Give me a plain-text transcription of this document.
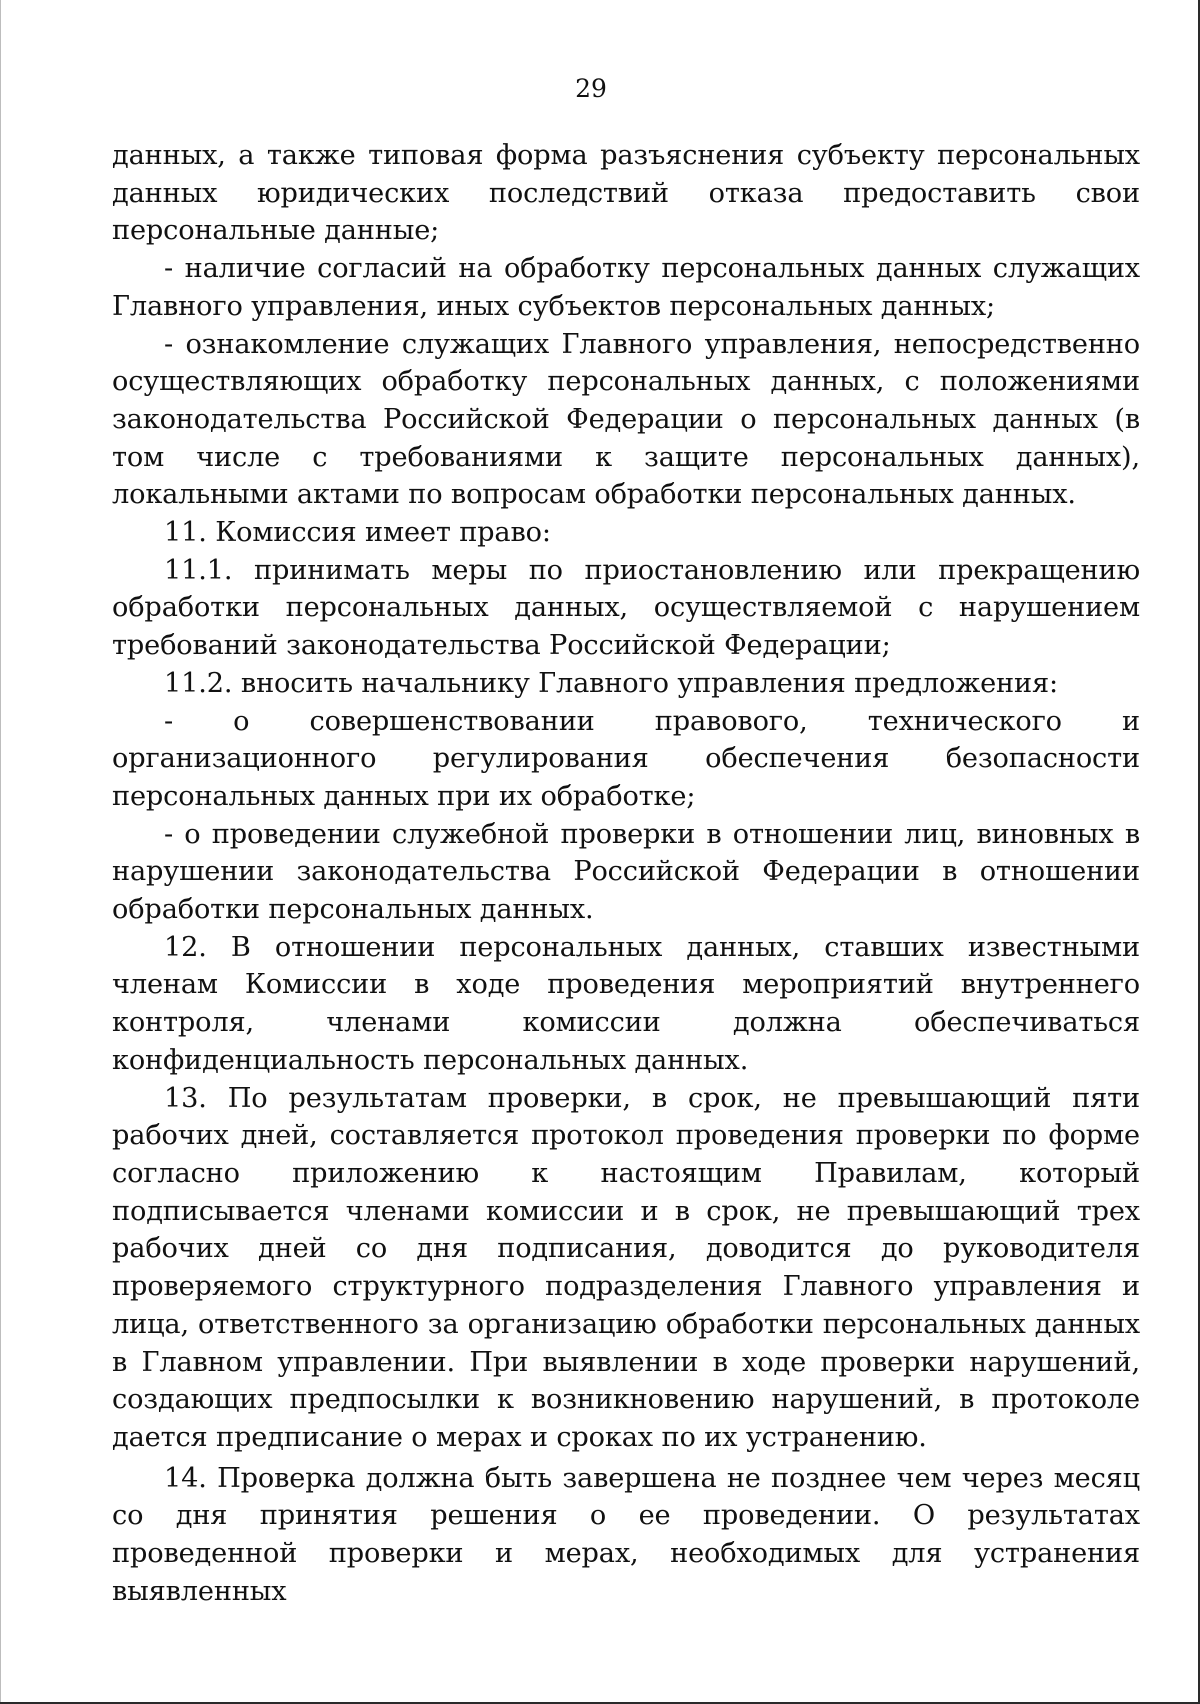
29

данных, а также типовая форма разъяснения субъекту персональных данных юридических последствий отказа предоставить свои персональные данные;

- наличие согласий на обработку персональных данных служащих Главного управления, иных субъектов персональных данных;

- ознакомление служащих Главного управления, непосредственно осуществляющих обработку персональных данных, с положениями законодательства Российской Федерации о персональных данных (в том числе с требованиями к защите персональных данных), локальными актами по вопросам обработки персональных данных.

11. Комиссия имеет право:

11.1. принимать меры по приостановлению или прекращению обработки персональных данных, осуществляемой с нарушением требований законодательства Российской Федерации;

11.2. вносить начальнику Главного управления предложения:

- о совершенствовании правового, технического и организационного регулирования обеспечения безопасности персональных данных при их обработке;

- о проведении служебной проверки в отношении лиц, виновных в нарушении законодательства Российской Федерации в отношении обработки персональных данных.

12. В отношении персональных данных, ставших известными членам Комиссии в ходе проведения мероприятий внутреннего контроля, членами комиссии должна обеспечиваться конфиденциальность персональных данных.

13. По результатам проверки, в срок, не превышающий пяти рабочих дней, составляется протокол проведения проверки по форме согласно приложению к настоящим Правилам, который подписывается членами комиссии и в срок, не превышающий трех рабочих дней со дня подписания, доводится до руководителя проверяемого структурного подразделения Главного управления и лица, ответственного за организацию обработки персональных данных в Главном управлении. При выявлении в ходе проверки нарушений, создающих предпосылки к возникновению нарушений, в протоколе дается предписание о мерах и сроках по их устранению.

14. Проверка должна быть завершена не позднее чем через месяц со дня принятия решения о ее проведении. О результатах проведенной проверки и мерах, необходимых для устранения выявленных
